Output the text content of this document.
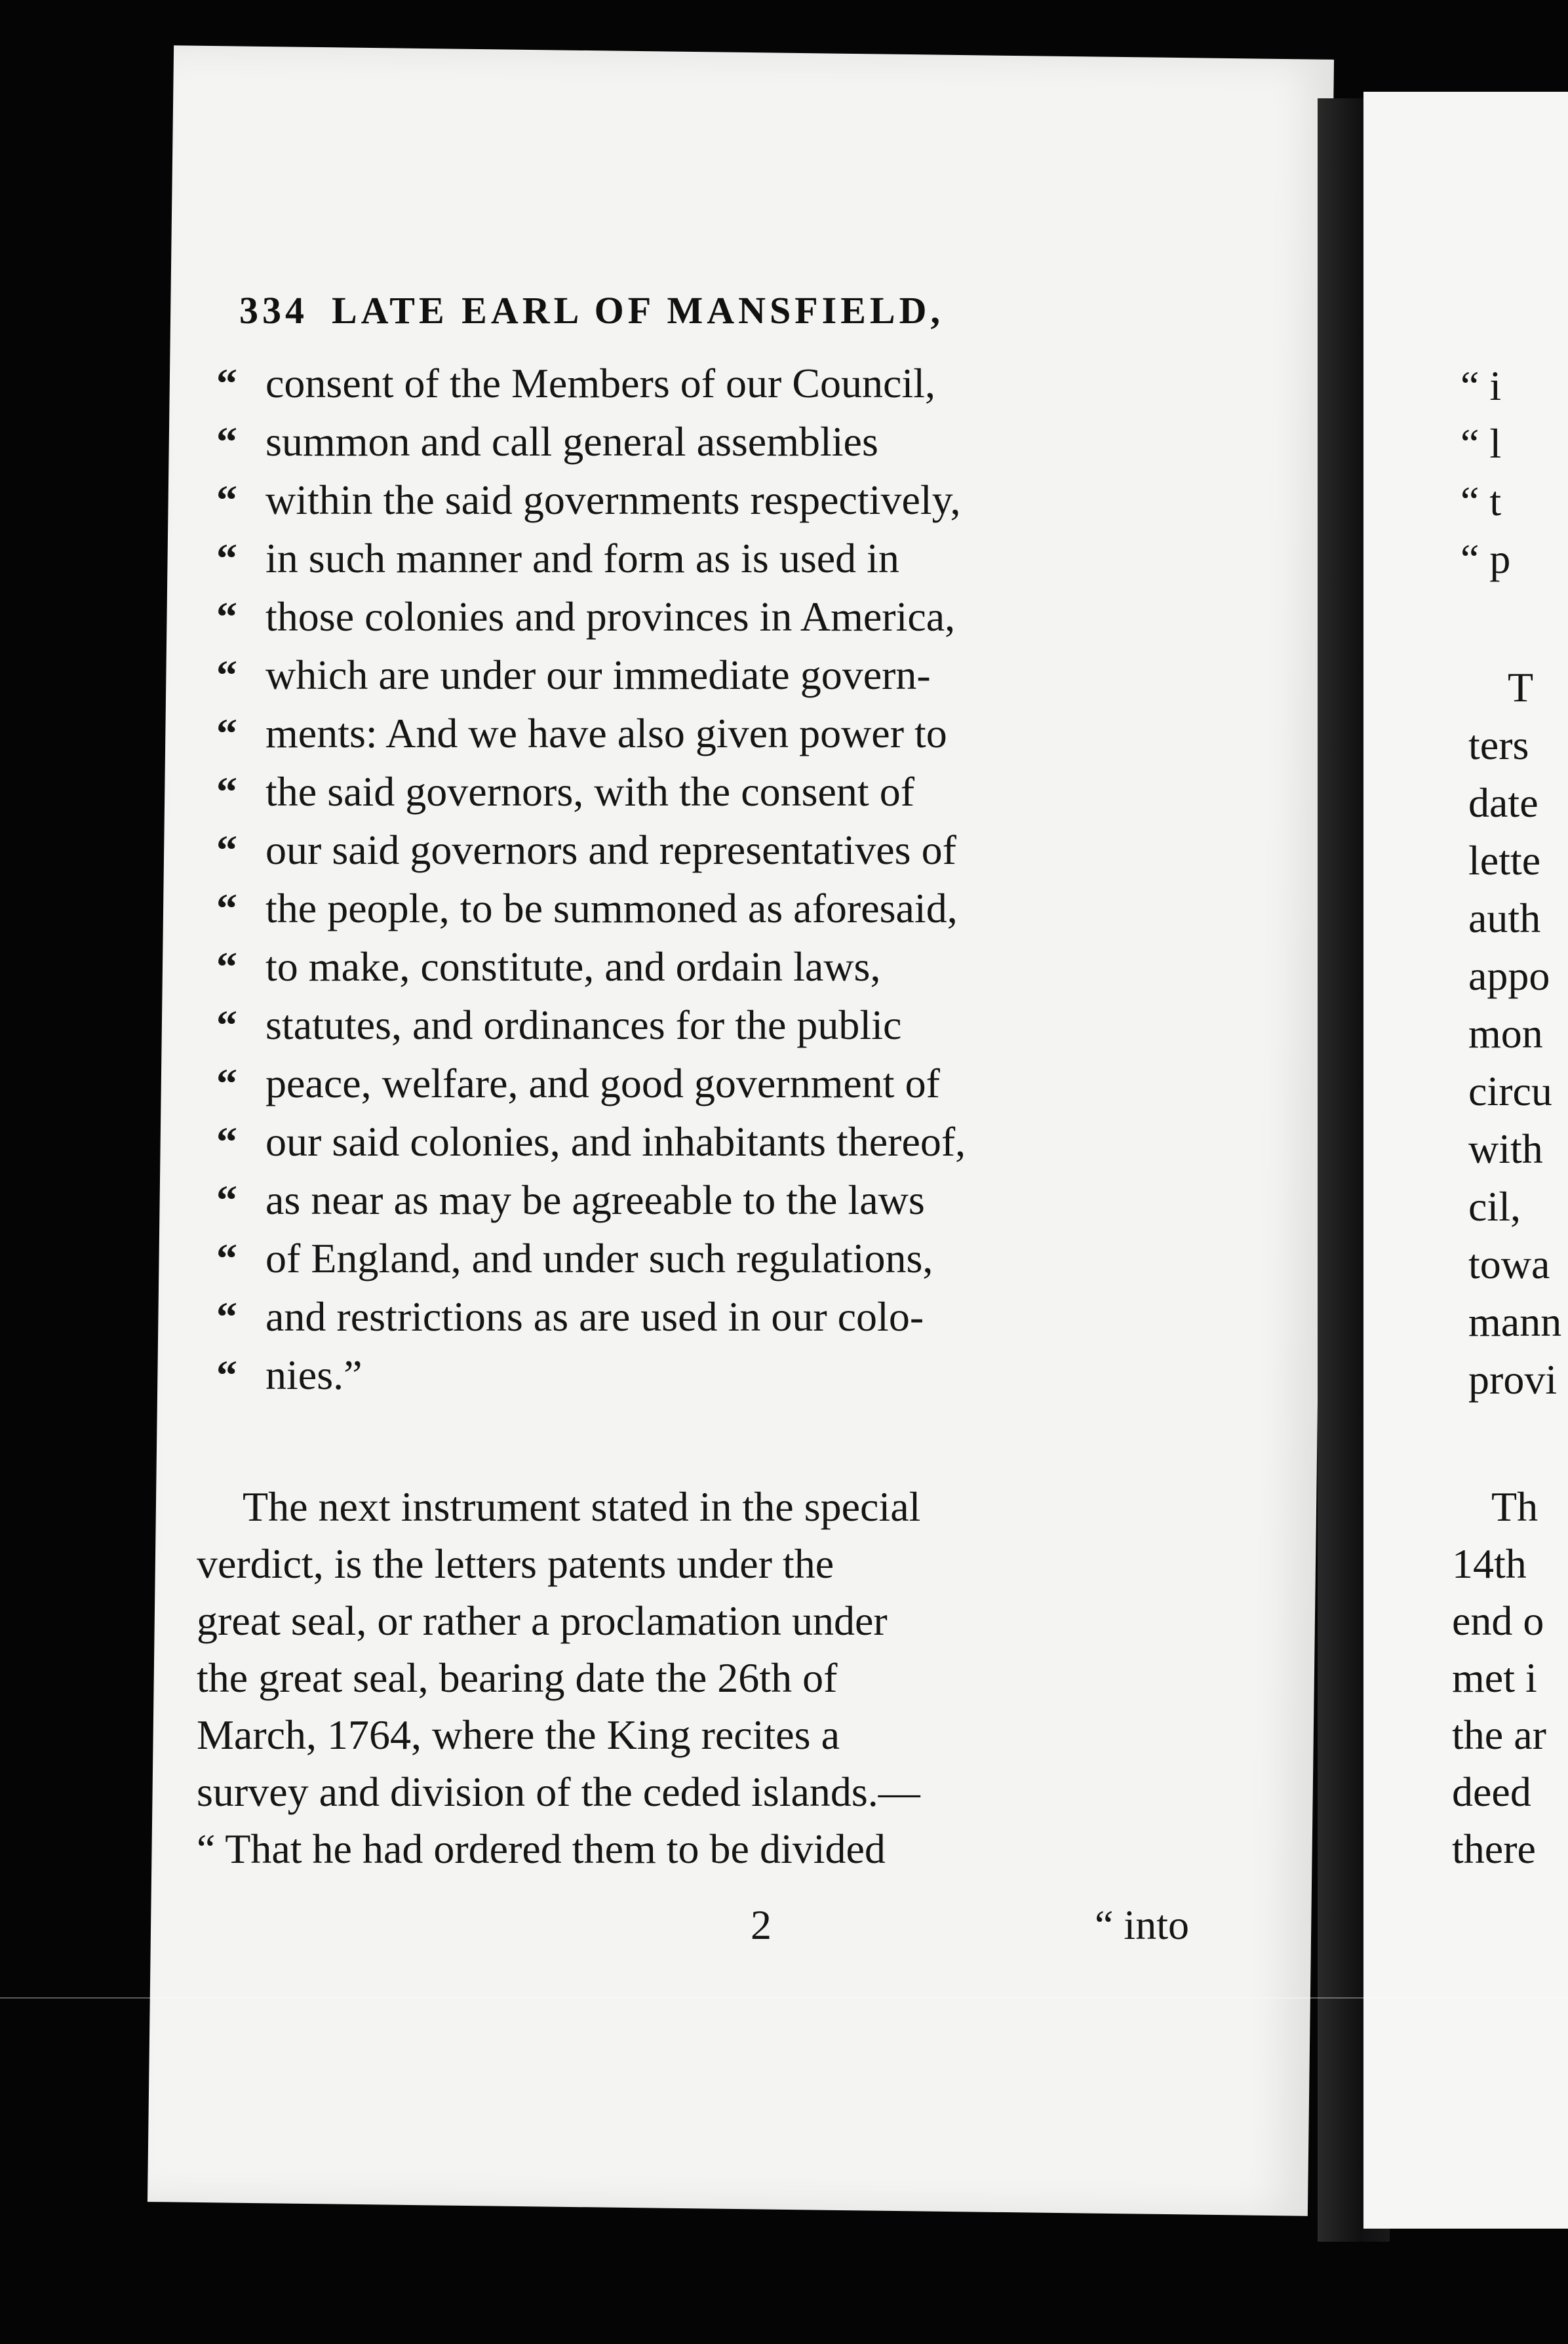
334 LATE EARL OF MANSFIELD,
“ consent of the Members of our Council,
“ summon and call general assemblies
“ within the said governments respectively,
“ in such manner and form as is used in
“ those colonies and provinces in America,
“ which are under our immediate govern-
“ ments: And we have also given power to
“ the said governors, with the consent of
“ our said governors and representatives of
“ the people, to be summoned as aforesaid,
“ to make, constitute, and ordain laws,
“ statutes, and ordinances for the public
“ peace, welfare, and good government of
“ our said colonies, and inhabitants thereof,
“ as near as may be agreeable to the laws
“ of England, and under such regulations,
“ and restrictions as are used in our colo-
“ nies.”
The next instrument stated in the special
verdict, is the letters patents under the
great seal, or rather a proclamation under
the great seal, bearing date the 26th of
March, 1764, where the King recites a
survey and division of the ceded islands.—
“ That he had ordered them to be divided
2	“ into
“ i
“ l
“ t
“ p
T
ters
date
lette
auth
appo
mon
circu
with
cil,
towa
mann
provi
Th
14th
end o
met i
the ar
deed
there
